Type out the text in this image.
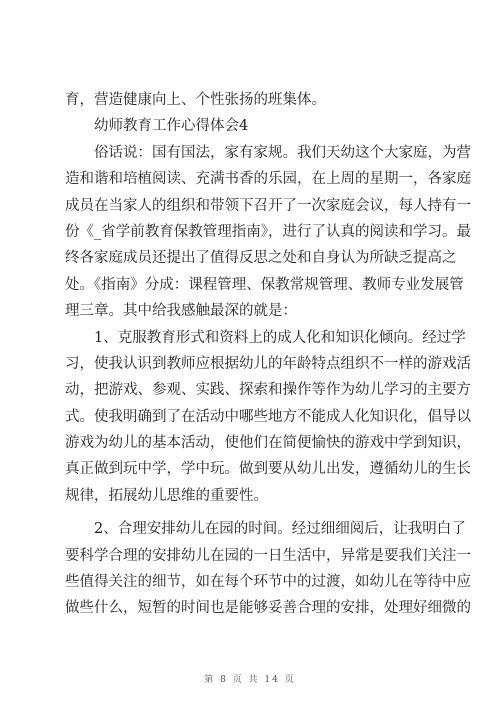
育，营造健康向上、个性张扬的班集体。
幼师教育工作心得体会4
俗话说：国有国法，家有家规。我们天幼这个大家庭，为营
造和谐和培植阅读、充满书香的乐园，在上周的星期一，各家庭
成员在当家人的组织和带领下召开了一次家庭会议，每人持有一
份《_省学前教育保教管理指南》，进行了认真的阅读和学习。最
终各家庭成员还提出了值得反思之处和自身认为所缺乏提高之
处。《指南》分成：课程管理、保教常规管理、教师专业发展管
理三章。其中给我感触最深的就是：
1、克服教育形式和资料上的成人化和知识化倾向。经过学
习，使我认识到教师应根据幼儿的年龄特点组织不一样的游戏活
动，把游戏、参观、实践、探索和操作等作为幼儿学习的主要方
式。使我明确到了在活动中哪些地方不能成人化知识化，倡导以
游戏为幼儿的基本活动，使他们在简便愉快的游戏中学到知识，
真正做到玩中学，学中玩。做到要从幼儿出发，遵循幼儿的生长
规律，拓展幼儿思维的重要性。
2、合理安排幼儿在园的时间。经过细细阅后，让我明白了
要科学合理的安排幼儿在园的一日生活中，异常是要我们关注一
些值得关注的细节，如在每个环节中的过渡，如幼儿在等待中应
做些什么，短暂的时间也是能够妥善合理的安排，处理好细微的
第 8 页 共 14 页
